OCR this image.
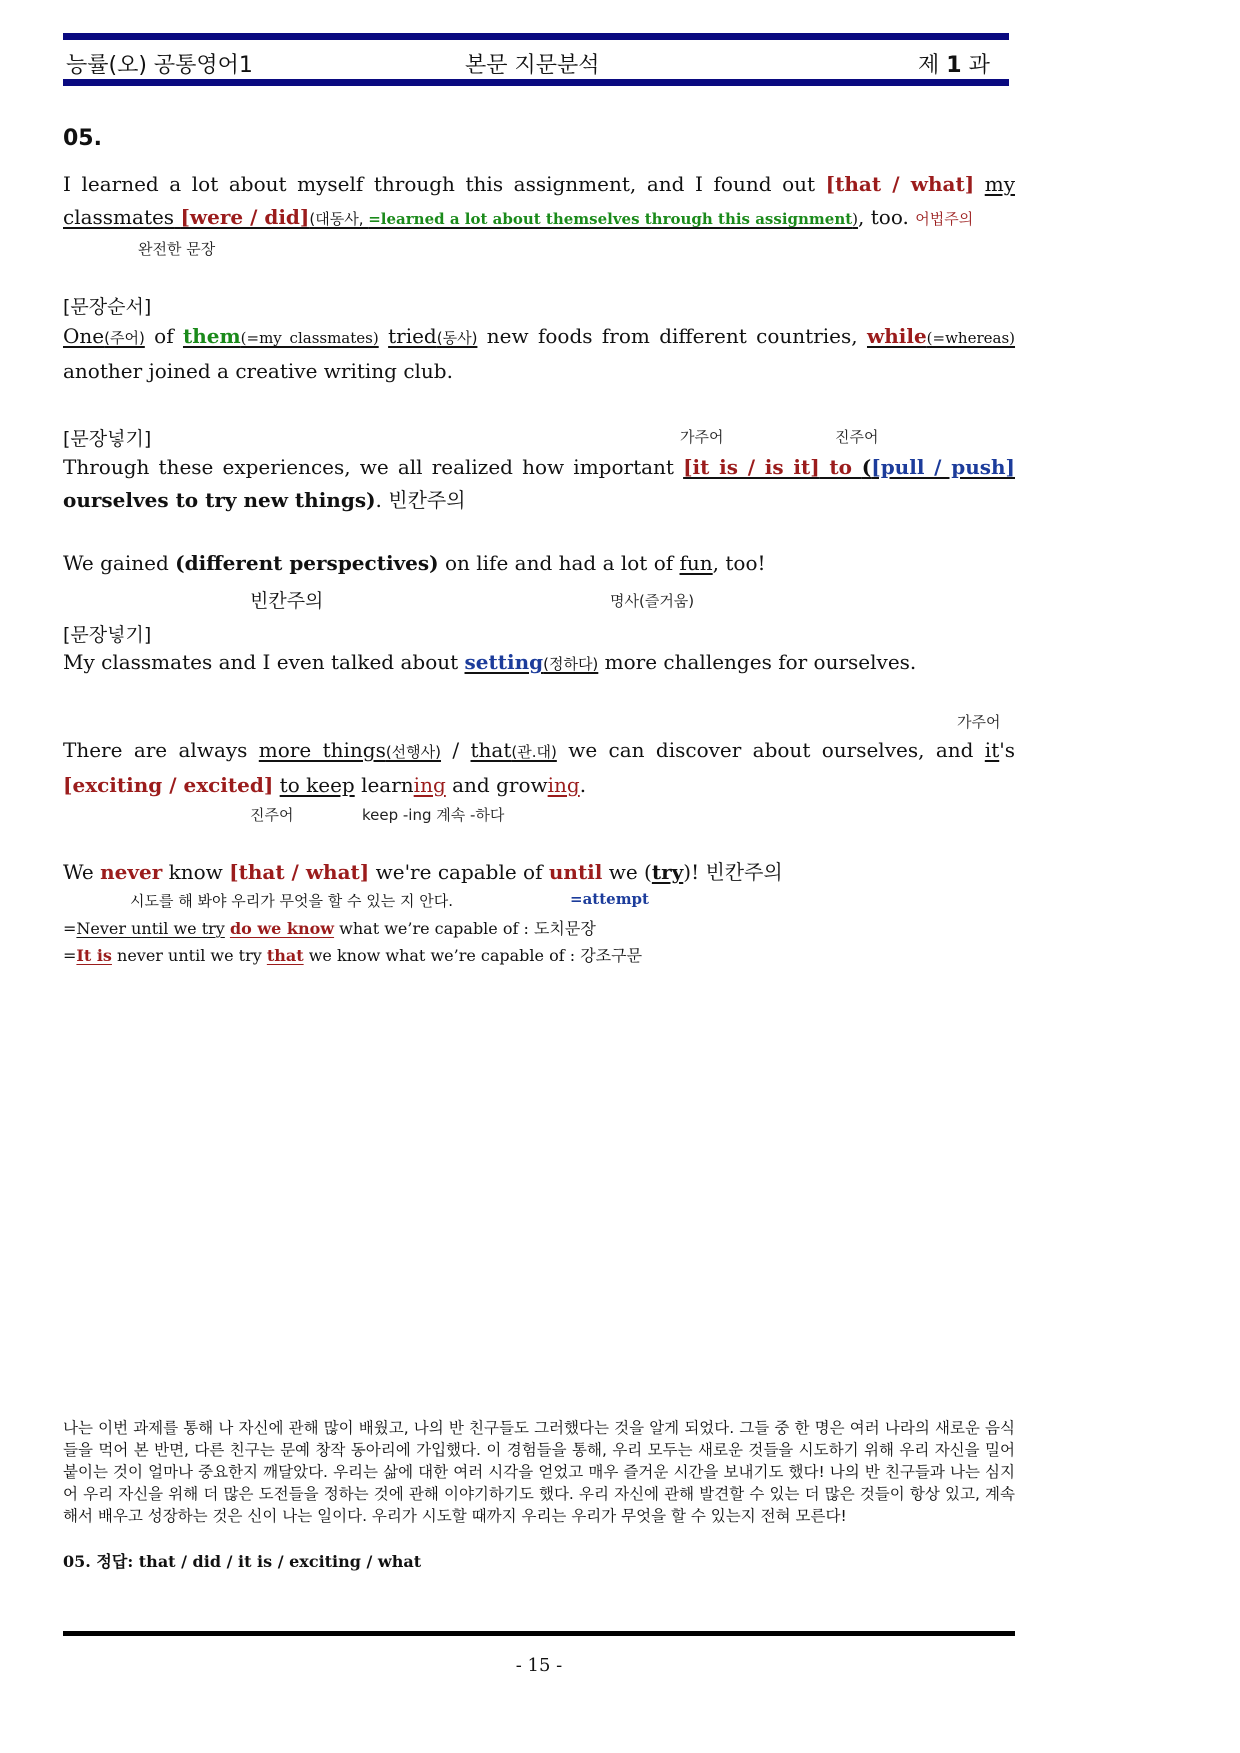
능률(오) 공통영어1	본문 지문분석	제 1 과
05.
I learned a lot about myself through this assignment, and I found out [that / what] my classmates [were / did](대동사, =learned a lot about themselves through this assignment), too. 어법주의
완전한 문장
[문장순서]
One(주어) of them(=my classmates) tried(동사) new foods from different countries, while(=whereas) another joined a creative writing club.
[문장넣기]	가주어	진주어
Through these experiences, we all realized how important [it is / is it] to ([pull / push] ourselves to try new things). 빈칸주의
We gained (different perspectives) on life and had a lot of fun, too!
빈칸주의	명사(즐거움)
[문장넣기]
My classmates and I even talked about setting(정하다) more challenges for ourselves.
가주어
There are always more things(선행사) / that(관.대) we can discover about ourselves, and it's [exciting / excited] to keep learning and growing.
진주어	keep -ing 계속 -하다
We never know [that / what] we're capable of until we (try)! 빈칸주의
시도를 해 봐야 우리가 무엇을 할 수 있는 지 안다.	=attempt
=Never until we try do we know what we’re capable of : 도치문장
=It is never until we try that we know what we’re capable of : 강조구문
나는 이번 과제를 통해 나 자신에 관해 많이 배웠고, 나의 반 친구들도 그러했다는 것을 알게 되었다. 그들 중 한 명은 여러 나라의 새로운 음식들을 먹어 본 반면, 다른 친구는 문예 창작 동아리에 가입했다. 이 경험들을 통해, 우리 모두는 새로운 것들을 시도하기 위해 우리 자신을 밀어붙이는 것이 얼마나 중요한지 깨달았다. 우리는 삶에 대한 여러 시각을 얻었고 매우 즐거운 시간을 보내기도 했다! 나의 반 친구들과 나는 심지어 우리 자신을 위해 더 많은 도전들을 정하는 것에 관해 이야기하기도 했다. 우리 자신에 관해 발견할 수 있는 더 많은 것들이 항상 있고, 계속해서 배우고 성장하는 것은 신이 나는 일이다. 우리가 시도할 때까지 우리는 우리가 무엇을 할 수 있는지 전혀 모른다!
05. 정답: that / did / it is / exciting / what
- 15 -
